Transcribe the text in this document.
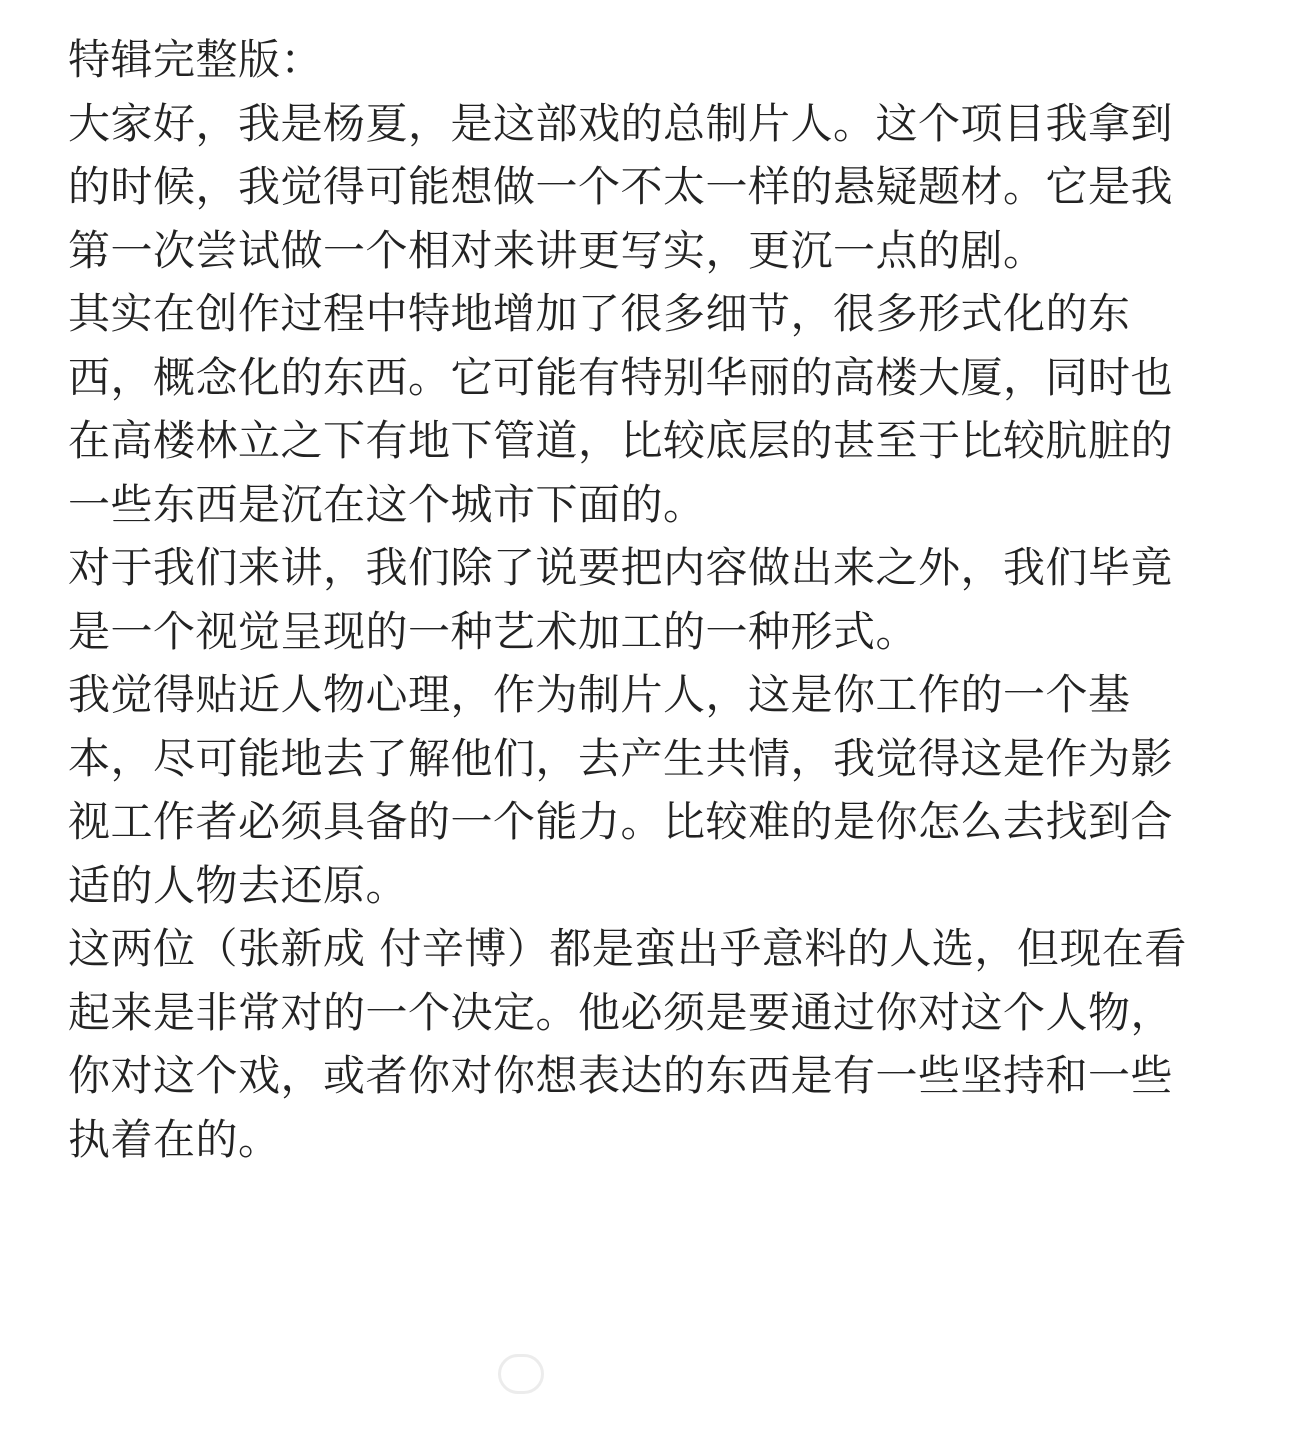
特辑完整版：
大家好，我是杨夏，是这部戏的总制片人。这个项目我拿到
的时候，我觉得可能想做一个不太一样的悬疑题材。它是我
第一次尝试做一个相对来讲更写实，更沉一点的剧。
其实在创作过程中特地增加了很多细节，很多形式化的东
西，概念化的东西。它可能有特别华丽的高楼大厦，同时也
在高楼林立之下有地下管道，比较底层的甚至于比较肮脏的
一些东西是沉在这个城市下面的。
对于我们来讲，我们除了说要把内容做出来之外，我们毕竟
是一个视觉呈现的一种艺术加工的一种形式。
我觉得贴近人物心理，作为制片人，这是你工作的一个基
本，尽可能地去了解他们，去产生共情，我觉得这是作为影
视工作者必须具备的一个能力。比较难的是你怎么去找到合
适的人物去还原。
这两位（张新成 付辛博）都是蛮出乎意料的人选，但现在看
起来是非常对的一个决定。他必须是要通过你对这个人物，
你对这个戏，或者你对你想表达的东西是有一些坚持和一些
执着在的。
